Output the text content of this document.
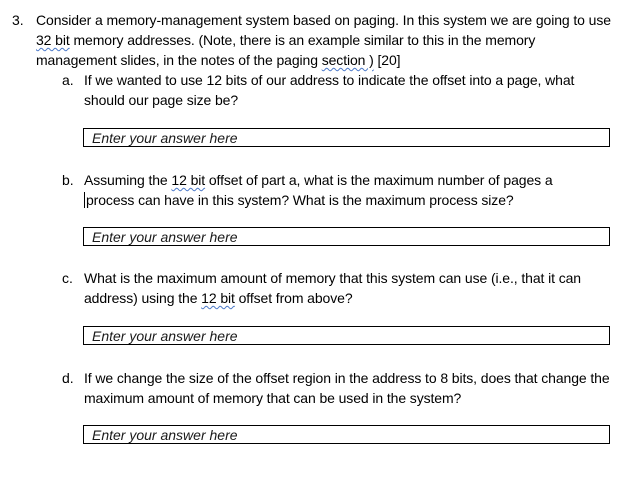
3. Consider a memory-management system based on paging. In this system we are going to use 32 bit memory addresses. (Note, there is an example similar to this in the memory management slides, in the notes of the paging section ) [20]
a. If we wanted to use 12 bits of our address to indicate the offset into a page, what should our page size be?
Enter your answer here
b. Assuming the 12 bit offset of part a, what is the maximum number of pages a
process can have in this system? What is the maximum process size?
Enter your answer here
c. What is the maximum amount of memory that this system can use (i.e., that it can address) using the 12 bit offset from above?
Enter your answer here
d. If we change the size of the offset region in the address to 8 bits, does that change the maximum amount of memory that can be used in the system?
Enter your answer here
